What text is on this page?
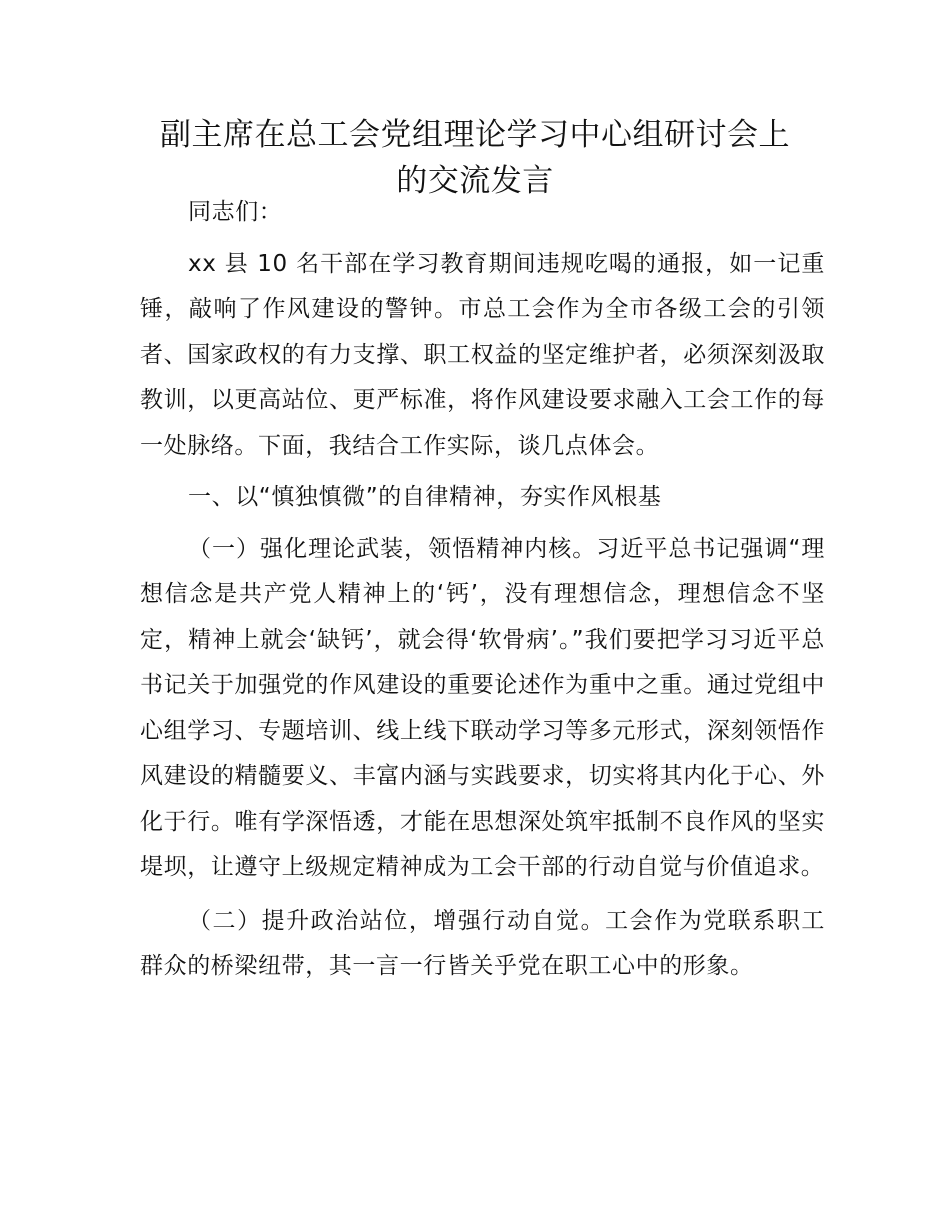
副主席在总工会党组理论学习中心组研讨会上
的交流发言

同志们：

xx 县 10 名干部在学习教育期间违规吃喝的通报，如一记重锤，敲响了作风建设的警钟。市总工会作为全市各级工会的引领者、国家政权的有力支撑、职工权益的坚定维护者，必须深刻汲取教训，以更高站位、更严标准，将作风建设要求融入工会工作的每一处脉络。下面，我结合工作实际，谈几点体会。

一、以“慎独慎微”的自律精神，夯实作风根基

（一）强化理论武装，领悟精神内核。习近平总书记强调“理想信念是共产党人精神上的‘钙’，没有理想信念，理想信念不坚定，精神上就会‘缺钙’，就会得‘软骨病’。”我们要把学习习近平总书记关于加强党的作风建设的重要论述作为重中之重。通过党组中心组学习、专题培训、线上线下联动学习等多元形式，深刻领悟作风建设的精髓要义、丰富内涵与实践要求，切实将其内化于心、外化于行。唯有学深悟透，才能在思想深处筑牢抵制不良作风的坚实堤坝，让遵守上级规定精神成为工会干部的行动自觉与价值追求。

（二）提升政治站位，增强行动自觉。工会作为党联系职工群众的桥梁纽带，其一言一行皆关乎党在职工心中的形象。
